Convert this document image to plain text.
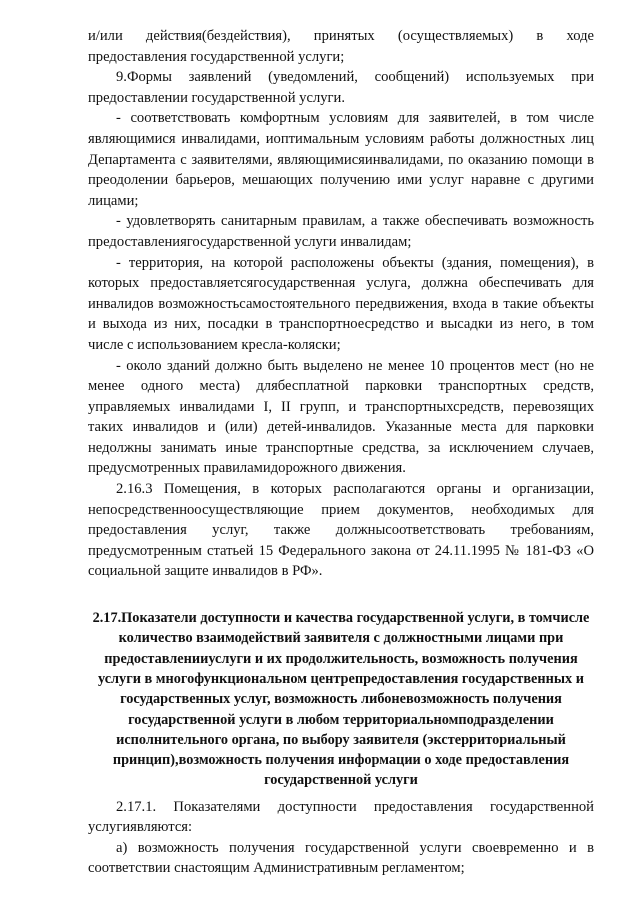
и/или действия(бездействия), принятых (осуществляемых) в ходе предоставления государственной услуги;

9.Формы заявлений (уведомлений, сообщений) используемых при предоставлении государственной услуги.

- соответствовать комфортным условиям для заявителей, в том числе являющимися инвалидами, иоптимальным условиям работы должностных лиц Департамента с заявителями, являющимисяинвалидами, по оказанию помощи в преодолении барьеров, мешающих получению ими услуг наравне с другими лицами;

- удовлетворять санитарным правилам, а также обеспечивать возможность предоставлениягосударственной услуги инвалидам;

- территория, на которой расположены объекты (здания, помещения), в которых предоставляетсягосударственная услуга, должна обеспечивать для инвалидов возможностьсамостоятельного передвижения, входа в такие объекты и выхода из них, посадки в транспортноесредство и высадки из него, в том числе с использованием кресла-коляски;

- около зданий должно быть выделено не менее 10 процентов мест (но не менее одного места) длябесплатной парковки транспортных средств, управляемых инвалидами I, II групп, и транспортныхсредств, перевозящих таких инвалидов и (или) детей-инвалидов. Указанные места для парковки недолжны занимать иные транспортные средства, за исключением случаев, предусмотренных правиламидорожного движения.

2.16.3 Помещения, в которых располагаются органы и организации, непосредственноосуществляющие прием документов, необходимых для предоставления услуг, также должнысоответствовать требованиям, предусмотренным статьей 15 Федерального закона от 24.11.1995 № 181-ФЗ «О социальной защите инвалидов в РФ».

2.17.Показатели доступности и качества государственной услуги, в томчисле количество взаимодействий заявителя с должностными лицами при предоставленииуслуги и их продолжительность, возможность получения услуги в многофункциональном центрепредоставления государственных и государственных услуг, возможность либоневозможность получения государственной услуги в любом территориальномподразделении исполнительного органа, по выбору заявителя (экстерриториальный принцип),возможность получения информации о ходе предоставления государственной услуги

2.17.1. Показателями доступности предоставления государственной услугиявляются:

а) возможность получения государственной услуги своевременно и в соответствии снастоящим Административным регламентом;
